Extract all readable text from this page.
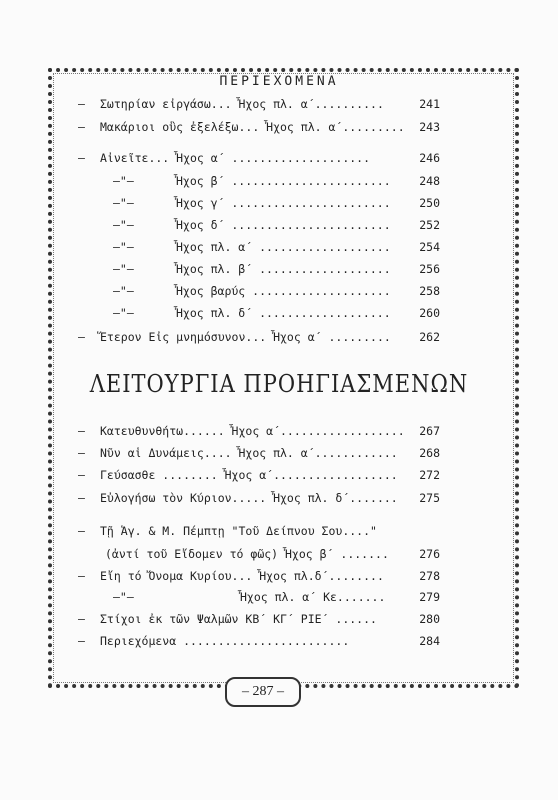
ΠΕΡΙΕΧΟΜΕΝΑ
– Σωτηρίαν εἰργάσω... Ἦχος πλ. α΄..........	241
– Μακάριοι οὓς ἐξελέξω... Ἦχος πλ. α΄......... 243
– Αἰνεῖτε... Ἦχος α΄ ....................	246
–"–	Ἦχος β΄ ....................... 248
–"–	Ἦχος γ΄ ....................... 250
–"–	Ἦχος δ΄ ....................... 252
–"–	Ἦχος πλ. α΄ ................... 254
–"–	Ἦχος πλ. β΄ ................... 256
–"–	Ἦχος βαρύς .................... 258
–"–	Ἦχος πλ. δ΄ ................... 260
– Ἕτερον Εἰς μνημόσυνον... Ἦχος α΄ ......... 262
– Κατευθυνθήτω...... Ἦχος α΄.................. 267
– Νῦν αἱ Δυνάμεις.... Ἦχος πλ. α΄............ 268
– Γεύσασθε ........ Ἦχος α΄.................. 272
– Εὐλογήσω τὸν Κύριον..... Ἦχος πλ. δ΄....... 275
– Τῇ Ἁγ. & Μ. Πέμπτῃ "Τοῦ Δείπνου Σου...."
(ἀντί τοῦ Εἴδομεν τό φῶς) Ἦχος β΄ .......	276
– Εἴη τό Ὄνομα Κυρίου... Ἦχος πλ.δ΄........	278
–"–	Ἦχος πλ. α΄ Κε.......	279
– Στίχοι ἐκ τῶν Ψαλμῶν ΚΒ΄ ΚΓ΄ ΡΙΕ΄ ......	280
– Περιεχόμενα ........................	284
ΛΕΙΤΟΥΡΓΙΑ ΠΡΟΗΓΙΑΣΜΕΝΩΝ
– 287 –
